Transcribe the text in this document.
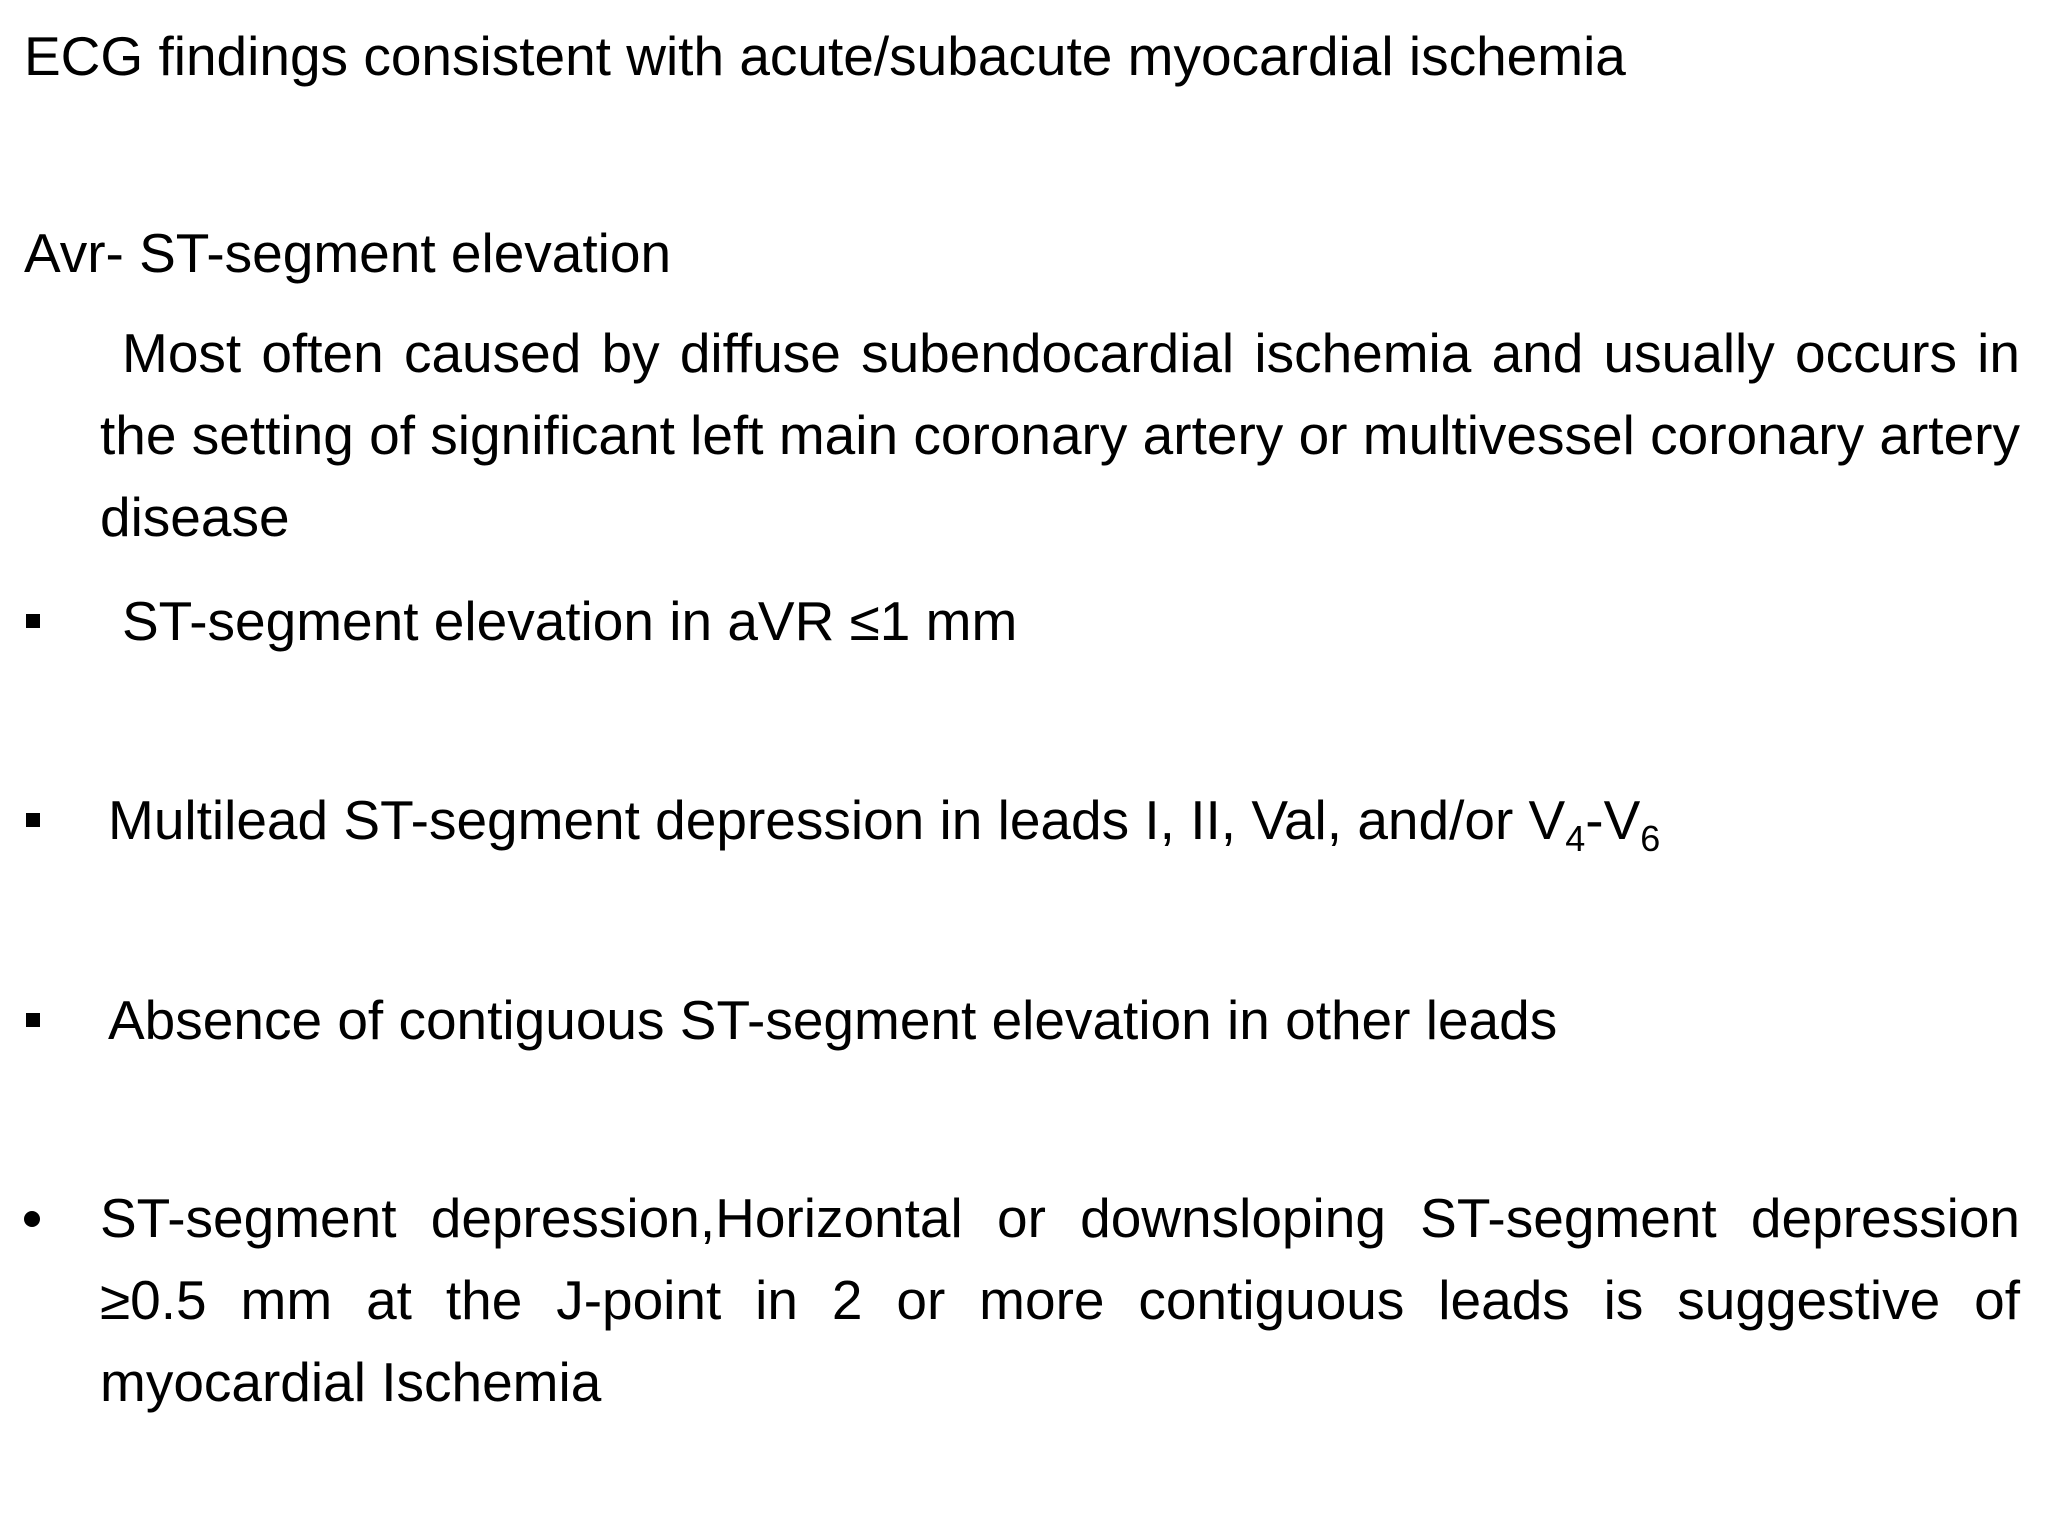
ECG findings consistent with acute/subacute myocardial ischemia

Avr- ST-segment elevation

Most often caused by diffuse subendocardial ischemia and usually occurs in the setting of significant left main coronary artery or multivessel coronary artery disease

ST-segment elevation in aVR ≤1 mm

Multilead ST-segment depression in leads I, II, Val, and/or $V_4-V_6$

Absence of contiguous ST-segment elevation in other leads

ST-segment depression,Horizontal or downsloping ST-segment depression ≥0.5 mm at the J-point in 2 or more contiguous leads is suggestive of myocardial Ischemia
